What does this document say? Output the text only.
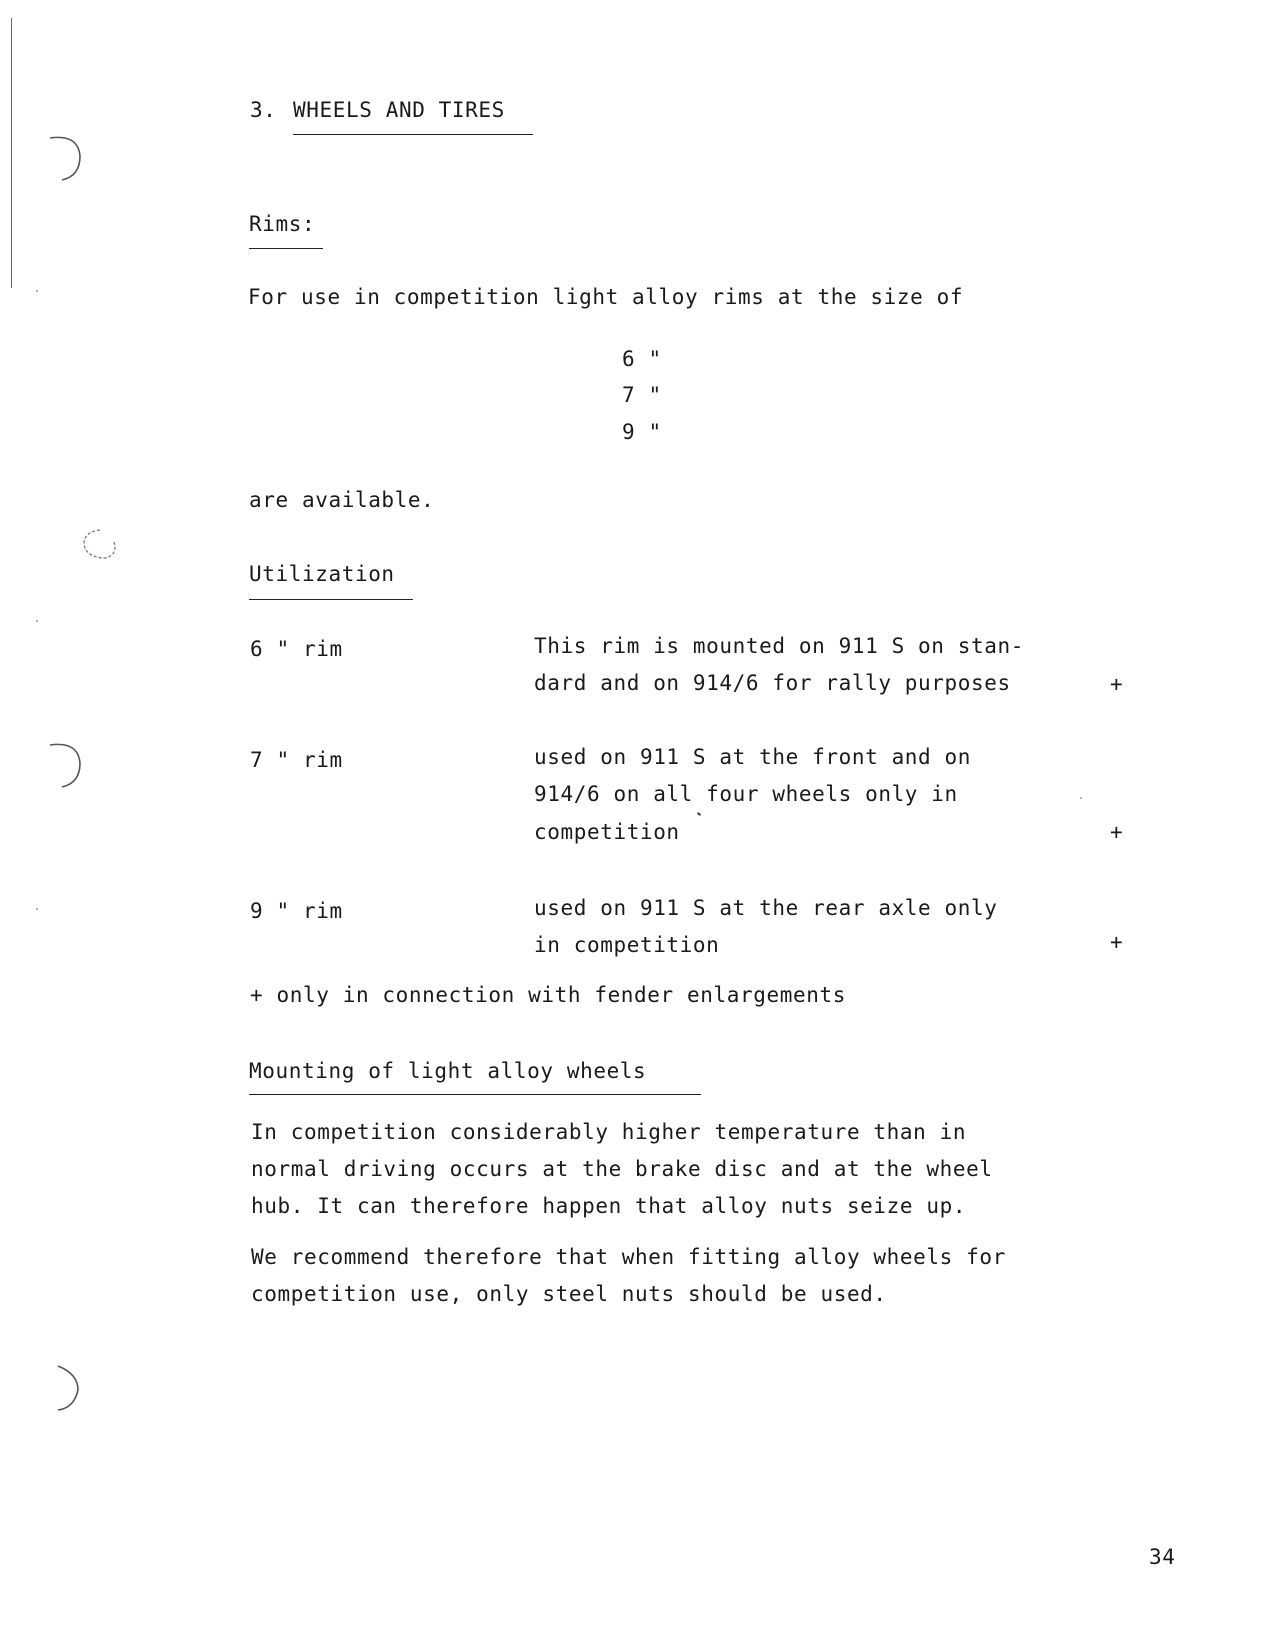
3. WHEELS AND TIRES
Rims:
For use in competition light alloy rims at the size of
6 "
7 "
9 "
are available.
Utilization
6 " rim	This rim is mounted on 911 S on stan-
dard and on 914/6 for rally purposes	+
7 " rim	used on 911 S at the front and on
914/6 on all four wheels only in
competition	+
9 " rim	used on 911 S at the rear axle only
in competition	+
+ only in connection with fender enlargements
Mounting of light alloy wheels
In competition considerably higher temperature than in
normal driving occurs at the brake disc and at the wheel
hub. It can therefore happen that alloy nuts seize up.
We recommend therefore that when fitting alloy wheels for
competition use, only steel nuts should be used.
34
